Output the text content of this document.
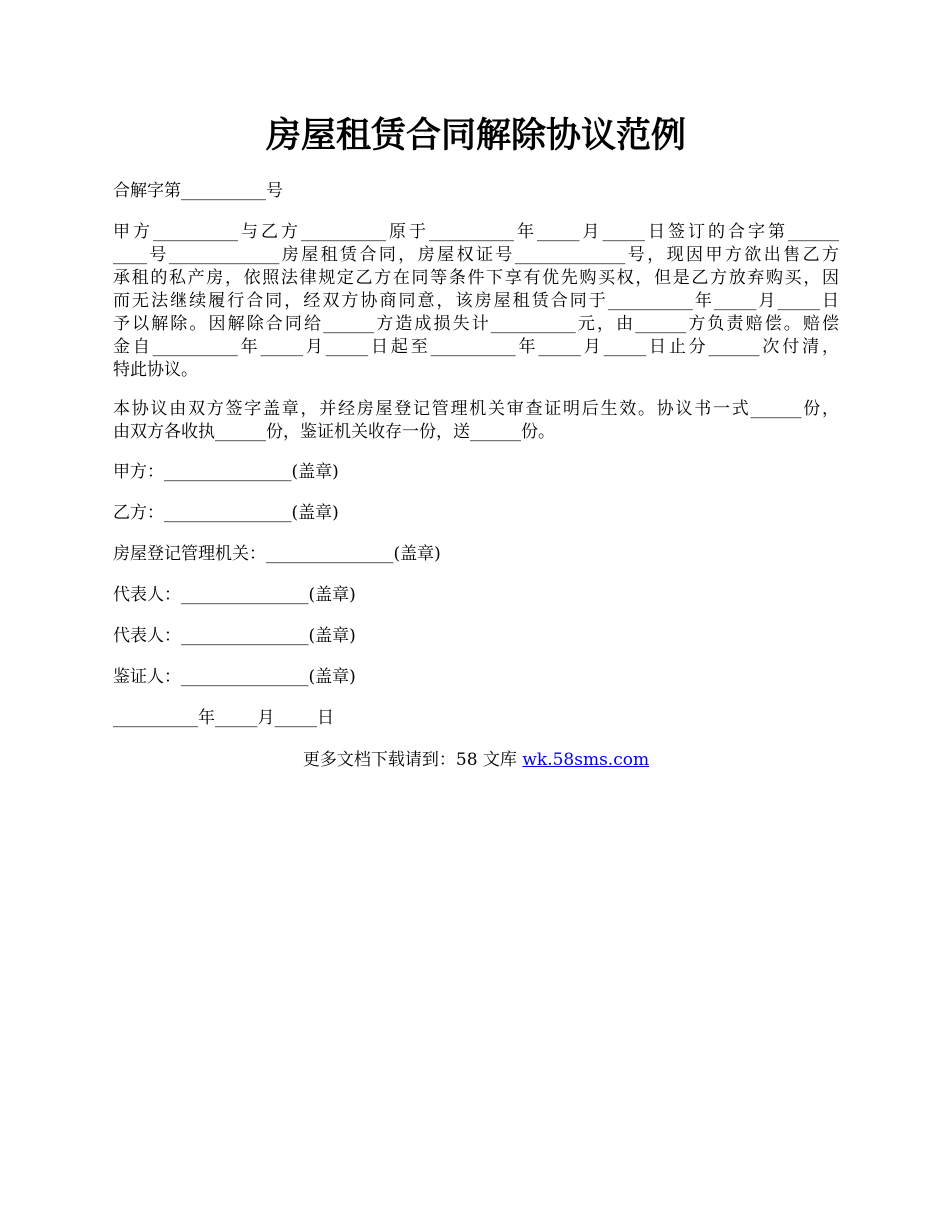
房屋租赁合同解除协议范例

合解字第__________号

甲方__________与乙方__________原于__________年_____月_____日签订的合字第______

____号_____________房屋租赁合同，房屋权证号_____________号，现因甲方欲出售乙方

承租的私产房，依照法律规定乙方在同等条件下享有优先购买权，但是乙方放弃购买，因

而无法继续履行合同，经双方协商同意，该房屋租赁合同于__________年_____月_____日

予以解除。因解除合同给______方造成损失计__________元，由______方负责赔偿。赔偿

金自__________年_____月_____日起至__________年_____月_____日止分______次付清，

特此协议。

本协议由双方签字盖章，并经房屋登记管理机关审查证明后生效。协议书一式______份，

由双方各收执______份，鉴证机关收存一份，送______份。

甲方：_______________(盖章)

乙方：_______________(盖章)

房屋登记管理机关：_______________(盖章)

代表人：_______________(盖章)

代表人：_______________(盖章)

鉴证人：_______________(盖章)

__________年_____月_____日

更多文档下载请到：58 文库 wk.58sms.com
